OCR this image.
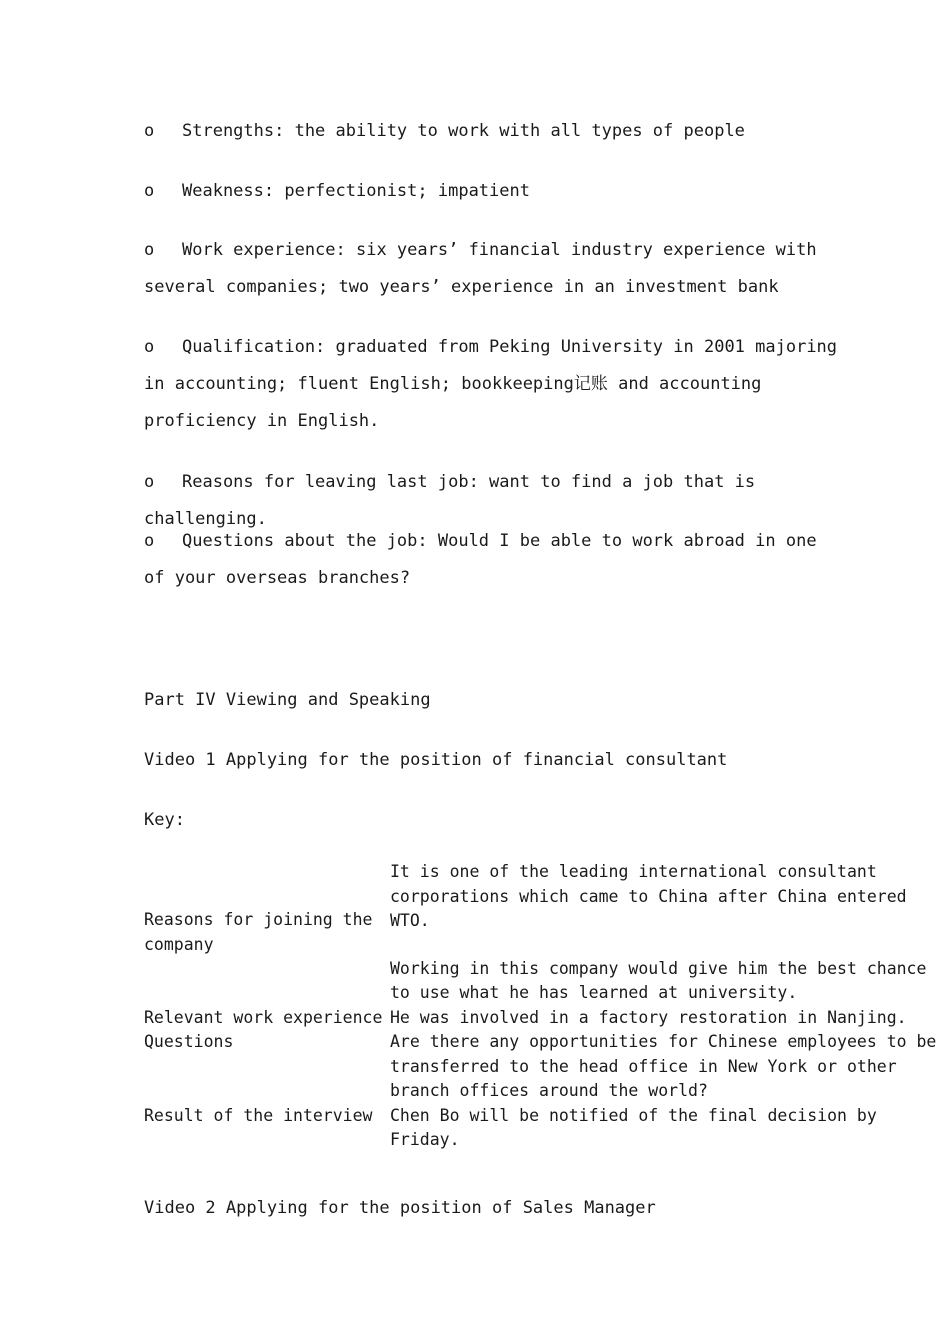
o Strengths: the ability to work with all types of people

o Weakness: perfectionist; impatient

o Work experience: six years’ financial industry experience with several companies; two years’ experience in an investment bank

o Qualification: graduated from Peking University in 2001 majoring in accounting; fluent English; bookkeeping记账 and accounting proficiency in English.

o Reasons for leaving last job: want to find a job that is challenging.

o Questions about the job: Would I be able to work abroad in one of your overseas branches?

Part IV Viewing and Speaking

Video 1 Applying for the position of financial consultant

Key:

Reasons for joining the company	It is one of the leading international consultant corporations which came to China after China entered WTO.
Working in this company would give him the best chance to use what he has learned at university.

Relevant work experience	He was involved in a factory restoration in Nanjing.
Questions	Are there any opportunities for Chinese employees to be transferred to the head office in New York or other branch offices around the world?
Result of the interview	Chen Bo will be notified of the final decision by Friday.

Video 2 Applying for the position of Sales Manager
